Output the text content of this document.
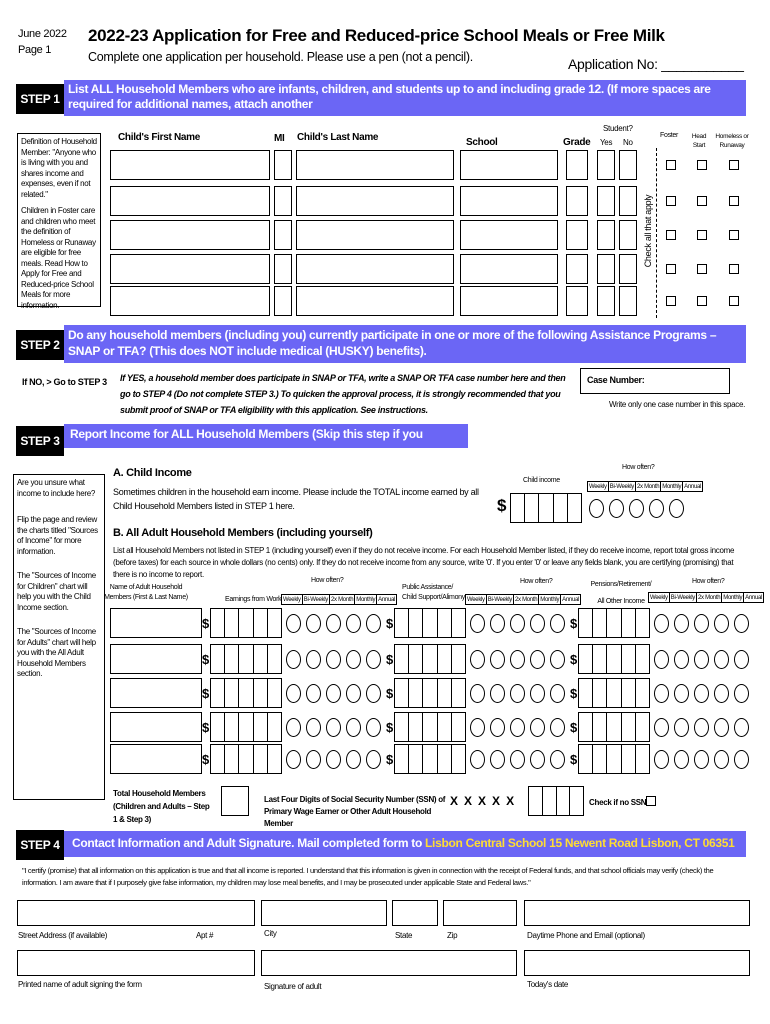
June 2022
Page 1
2022-23 Application for Free and Reduced-price School Meals or Free Milk
Complete one application per household. Please use a pen (not a pencil).	Application No: ___________
List ALL Household Members who are infants, children, and students up to and including grade 12. (If more spaces are required for additional names, attach another
STEP 1
Definition of Household Member: "Anyone who is living with you and shares income and expenses, even if not related."
Children in Foster care and children who meet the definition of Homeless or Runaway are eligible for free meals. Read How to Apply for Free and Reduced-price School Meals for more information.
Child's First Name	MI Child's Last Name	School	Grade
Student?
Yes No
Foster	Head Start
Homeless or Runaway
Check all that apply
Do any household members (including you) currently participate in one or more of the following Assistance Programs – SNAP or TFA? (This does NOT include medical (HUSKY) benefits).
STEP 2
If NO, > Go to STEP 3 If YES, a household member does participate in SNAP or TFA, write a SNAP OR TFA case number here and then go to STEP 4 (Do not complete STEP 3.) To quicken the approval process, it is strongly recommended that you submit proof of SNAP or TFA eligibility with this application. See instructions.
Case Number:
Write only one case number in this space.
Report Income for ALL Household Members (Skip this step if you answered "Yes" to Step 2)
STEP 3
Are you unsure what income to include here?
Flip the page and review the charts titled "Sources of Income" for more information.
The "Sources of Income for Children" chart will help you with the Child Income section.
The "Sources of Income for Adults" chart will help you with the All Adult Household Members section.
A. Child Income
Sometimes children in the household earn income. Please include the TOTAL income earned by all Child Household Members listed in STEP 1 here.
Child income
How often?
Weekly Bi-Weekly 2x Month Monthly Annual
$
B. All Adult Household Members (including yourself)
List all Household Members not listed in STEP 1 (including yourself) even if they do not receive income. For each Household Member listed, if they do receive income, report total gross income (before taxes) for each source in whole dollars (no cents) only. If they do not receive income from any source, write '0'. If you enter '0' or leave any fields blank, you are certifying (promising) that there is no income to report.
Name of Adult Household Members (First & Last Name)	Earnings from Work
How often?
Weekly Bi-Weekly 2x Month Monthly Annual
Public Assistance/ Child Support/Alimony
How often?
Weekly Bi-Weekly 2x Month Monthly Annual
Pensions/Retirement/ All Other Income
How often?
Weekly Bi-Weekly 2x Month Monthly Annual
Total Household Members (Children and Adults – Step 1 & Step 3)
Last Four Digits of Social Security Number (SSN) of Primary Wage Earner or Other Adult Household Member
X X X X X	Check if no SSN
Contact Information and Adult Signature. Mail completed form to Lisbon Central School 15 Newent Road Lisbon, CT 06351
STEP 4
"I certify (promise) that all information on this application is true and that all income is reported. I understand that this information is given in connection with the receipt of Federal funds, and that school officials may verify (check) the information. I am aware that if I purposely give false information, my children may lose meal benefits, and I may be prosecuted under applicable State and Federal laws."
Street Address (if available)	Apt #	City	State	Zip	Daytime Phone and Email (optional)
Printed name of adult signing the form	Signature of adult	Today's date
$	$	$
$	$	$
$	$	$
$	$	$
$	$	$
